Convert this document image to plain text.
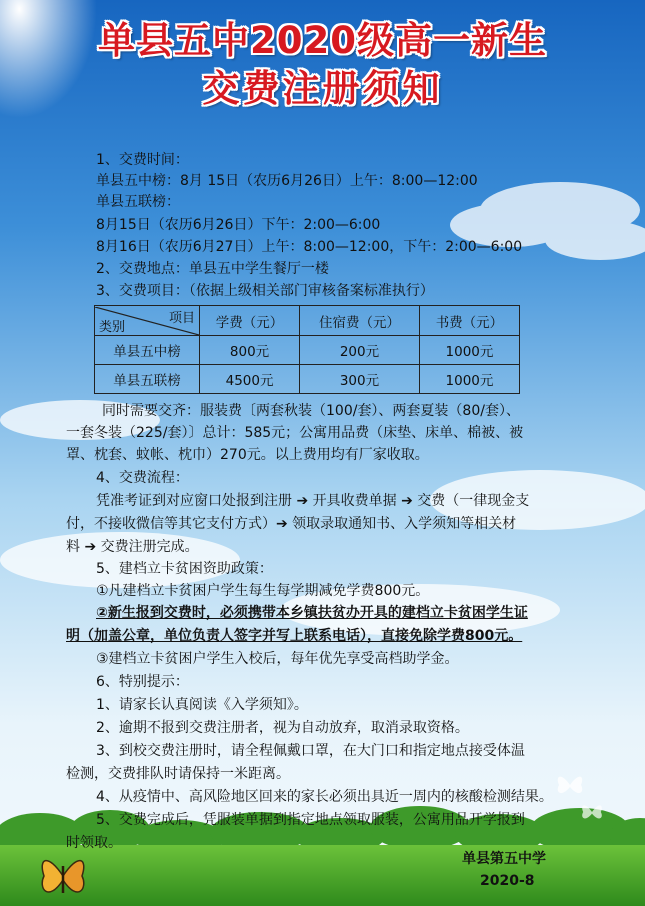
单县五中2020级高一新生
交费注册须知
1、交费时间：
单县五中榜：8月 15日（农历6月26日）上午：8:00—12:00
单县五联榜：
8月15日（农历6月26日）下午：2:00—6:00
8月16日（农历6月27日）上午：8:00—12:00，下午：2:00—6:00
2、交费地点：单县五中学生餐厅一楼
3、交费项目：（依据上级相关部门审核备案标准执行）
项目
类别	学费（元）	住宿费（元）	书费（元）
单县五中榜	800元	200元	1000元
单县五联榜	4500元	300元	1000元
同时需要交齐：服装费〔两套秋装（100/套）、两套夏装（80/套）、
一套冬装（225/套）〕总计：585元；公寓用品费（床垫、床单、棉被、被
罩、枕套、蚊帐、枕巾）270元。以上费用均有厂家收取。
4、交费流程：
凭准考证到对应窗口处报到注册 ➔ 开具收费单据 ➔ 交费（一律现金支
付，不接收微信等其它支付方式）➔ 领取录取通知书、入学须知等相关材
料 ➔ 交费注册完成。
5、建档立卡贫困资助政策：
①凡建档立卡贫困户学生每生每学期减免学费800元。
②新生报到交费时，必须携带本乡镇扶贫办开具的建档立卡贫困学生证
明（加盖公章，单位负责人签字并写上联系电话），直接免除学费800元。
③建档立卡贫困户学生入校后，每年优先享受高档助学金。
6、特别提示：
1、请家长认真阅读《入学须知》。
2、逾期不报到交费注册者，视为自动放弃，取消录取资格。
3、到校交费注册时，请全程佩戴口罩，在大门口和指定地点接受体温
检测，交费排队时请保持一米距离。
4、从疫情中、高风险地区回来的家长必须出具近一周内的核酸检测结果。
5、交费完成后，凭服装单据到指定地点领取服装，公寓用品开学报到
时领取。
单县第五中学
2020-8
